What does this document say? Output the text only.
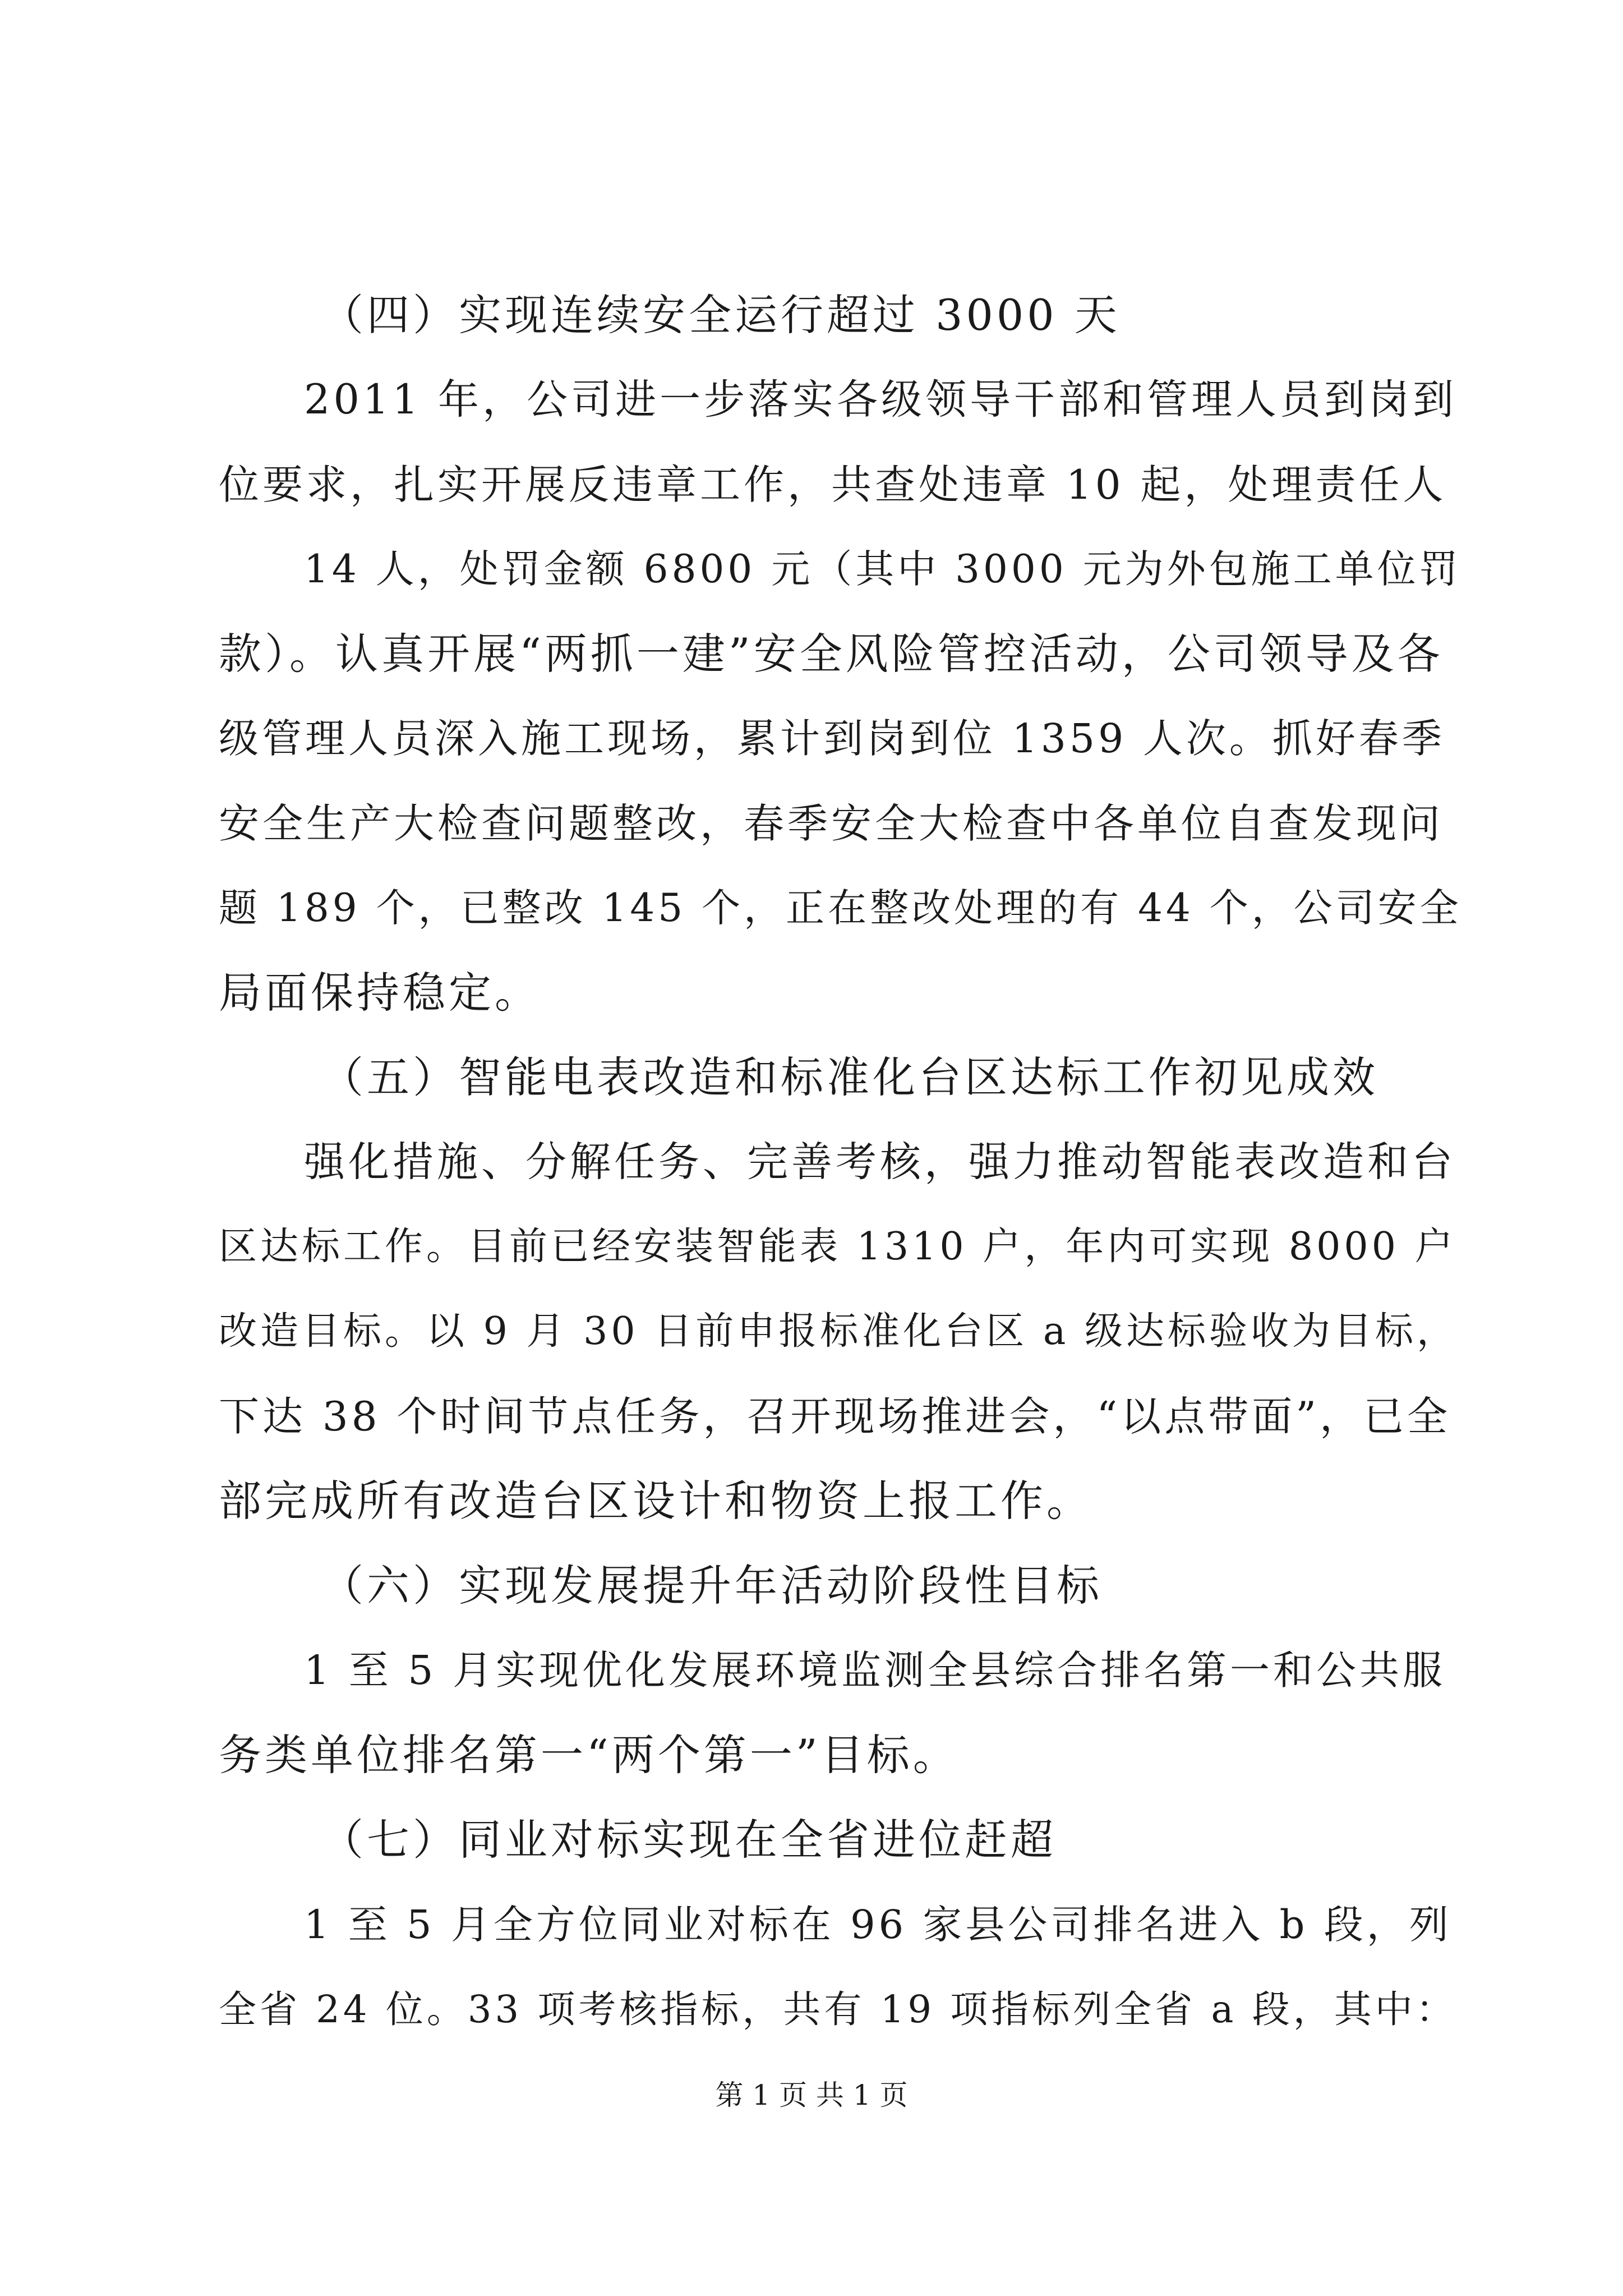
（四）实现连续安全运行超过 3000 天
2011 年，公司进一步落实各级领导干部和管理人员到岗到
位要求，扎实开展反违章工作，共查处违章 10 起，处理责任人
14 人，处罚金额 6800 元（其中 3000 元为外包施工单位罚
款）。认真开展“两抓一建”安全风险管控活动，公司领导及各
级管理人员深入施工现场，累计到岗到位 1359 人次。抓好春季
安全生产大检查问题整改，春季安全大检查中各单位自查发现问
题 189 个，已整改 145 个，正在整改处理的有 44 个，公司安全
局面保持稳定。
（五）智能电表改造和标准化台区达标工作初见成效
强化措施、分解任务、完善考核，强力推动智能表改造和台
区达标工作。目前已经安装智能表 1310 户，年内可实现 8000 户
改造目标。以 9 月 30 日前申报标准化台区 a 级达标验收为目标，
下达 38 个时间节点任务，召开现场推进会，“以点带面”，已全
部完成所有改造台区设计和物资上报工作。
（六）实现发展提升年活动阶段性目标
1 至 5 月实现优化发展环境监测全县综合排名第一和公共服
务类单位排名第一“两个第一”目标。
（七）同业对标实现在全省进位赶超
1 至 5 月全方位同业对标在 96 家县公司排名进入 b 段，列
全省 24 位。33 项考核指标，共有 19 项指标列全省 a 段，其中：
第 1 页 共 1 页
